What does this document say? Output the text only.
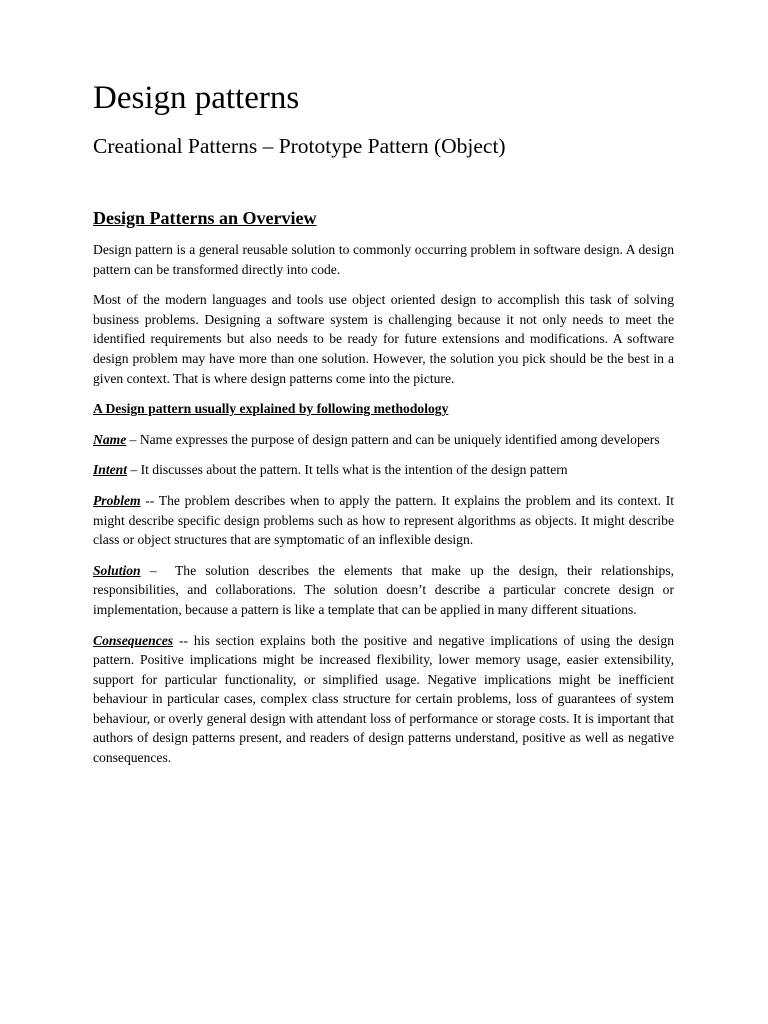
Design patterns
Creational Patterns – Prototype Pattern (Object)
Design Patterns an Overview

Design pattern is a general reusable solution to commonly occurring problem in software design. A design pattern can be transformed directly into code.

Most of the modern languages and tools use object oriented design to accomplish this task of solving business problems. Designing a software system is challenging because it not only needs to meet the identified requirements but also needs to be ready for future extensions and modifications. A software design problem may have more than one solution. However, the solution you pick should be the best in a given context. That is where design patterns come into the picture.

A Design pattern usually explained by following methodology

Name – Name expresses the purpose of design pattern and can be uniquely identified among developers

Intent – It discusses about the pattern. It tells what is the intention of the design pattern

Problem -- The problem describes when to apply the pattern. It explains the problem and its context. It might describe specific design problems such as how to represent algorithms as objects. It might describe class or object structures that are symptomatic of an inflexible design.

Solution –  The solution describes the elements that make up the design, their relationships, responsibilities, and collaborations. The solution doesn’t describe a particular concrete design or implementation, because a pattern is like a template that can be applied in many different situations.

Consequences -- his section explains both the positive and negative implications of using the design pattern. Positive implications might be increased flexibility, lower memory usage, easier extensibility, support for particular functionality, or simplified usage. Negative implications might be inefficient behaviour in particular cases, complex class structure for certain problems, loss of guarantees of system behaviour, or overly general design with attendant loss of performance or storage costs. It is important that authors of design patterns present, and readers of design patterns understand, positive as well as negative consequences.
